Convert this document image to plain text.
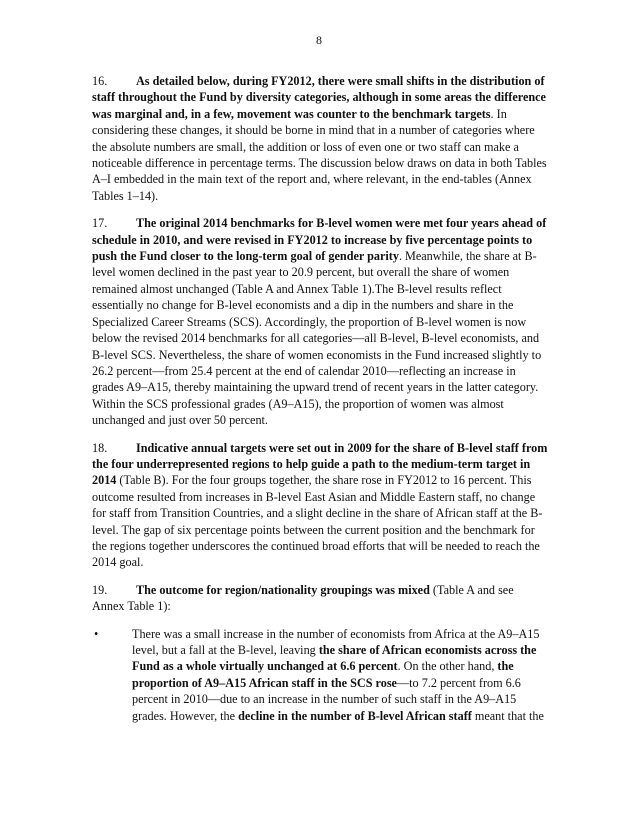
8

16. As detailed below, during FY2012, there were small shifts in the distribution of staff throughout the Fund by diversity categories, although in some areas the difference was marginal and, in a few, movement was counter to the benchmark targets. In considering these changes, it should be borne in mind that in a number of categories where the absolute numbers are small, the addition or loss of even one or two staff can make a noticeable difference in percentage terms. The discussion below draws on data in both Tables A–I embedded in the main text of the report and, where relevant, in the end-tables (Annex Tables 1–14).

17. The original 2014 benchmarks for B-level women were met four years ahead of schedule in 2010, and were revised in FY2012 to increase by five percentage points to push the Fund closer to the long-term goal of gender parity. Meanwhile, the share at B-level women declined in the past year to 20.9 percent, but overall the share of women remained almost unchanged (Table A and Annex Table 1).The B-level results reflect essentially no change for B-level economists and a dip in the numbers and share in the Specialized Career Streams (SCS). Accordingly, the proportion of B-level women is now below the revised 2014 benchmarks for all categories—all B-level, B-level economists, and B-level SCS. Nevertheless, the share of women economists in the Fund increased slightly to 26.2 percent—from 25.4 percent at the end of calendar 2010—reflecting an increase in grades A9–A15, thereby maintaining the upward trend of recent years in the latter category. Within the SCS professional grades (A9–A15), the proportion of women was almost unchanged and just over 50 percent.

18. Indicative annual targets were set out in 2009 for the share of B-level staff from the four underrepresented regions to help guide a path to the medium-term target in 2014 (Table B). For the four groups together, the share rose in FY2012 to 16 percent. This outcome resulted from increases in B-level East Asian and Middle Eastern staff, no change for staff from Transition Countries, and a slight decline in the share of African staff at the B-level. The gap of six percentage points between the current position and the benchmark for the regions together underscores the continued broad efforts that will be needed to reach the 2014 goal.

19. The outcome for region/nationality groupings was mixed (Table A and see Annex Table 1):

•	There was a small increase in the number of economists from Africa at the A9–A15 level, but a fall at the B-level, leaving the share of African economists across the Fund as a whole virtually unchanged at 6.6 percent. On the other hand, the proportion of A9–A15 African staff in the SCS rose—to 7.2 percent from 6.6 percent in 2010—due to an increase in the number of such staff in the A9–A15 grades. However, the decline in the number of B-level African staff meant that the
